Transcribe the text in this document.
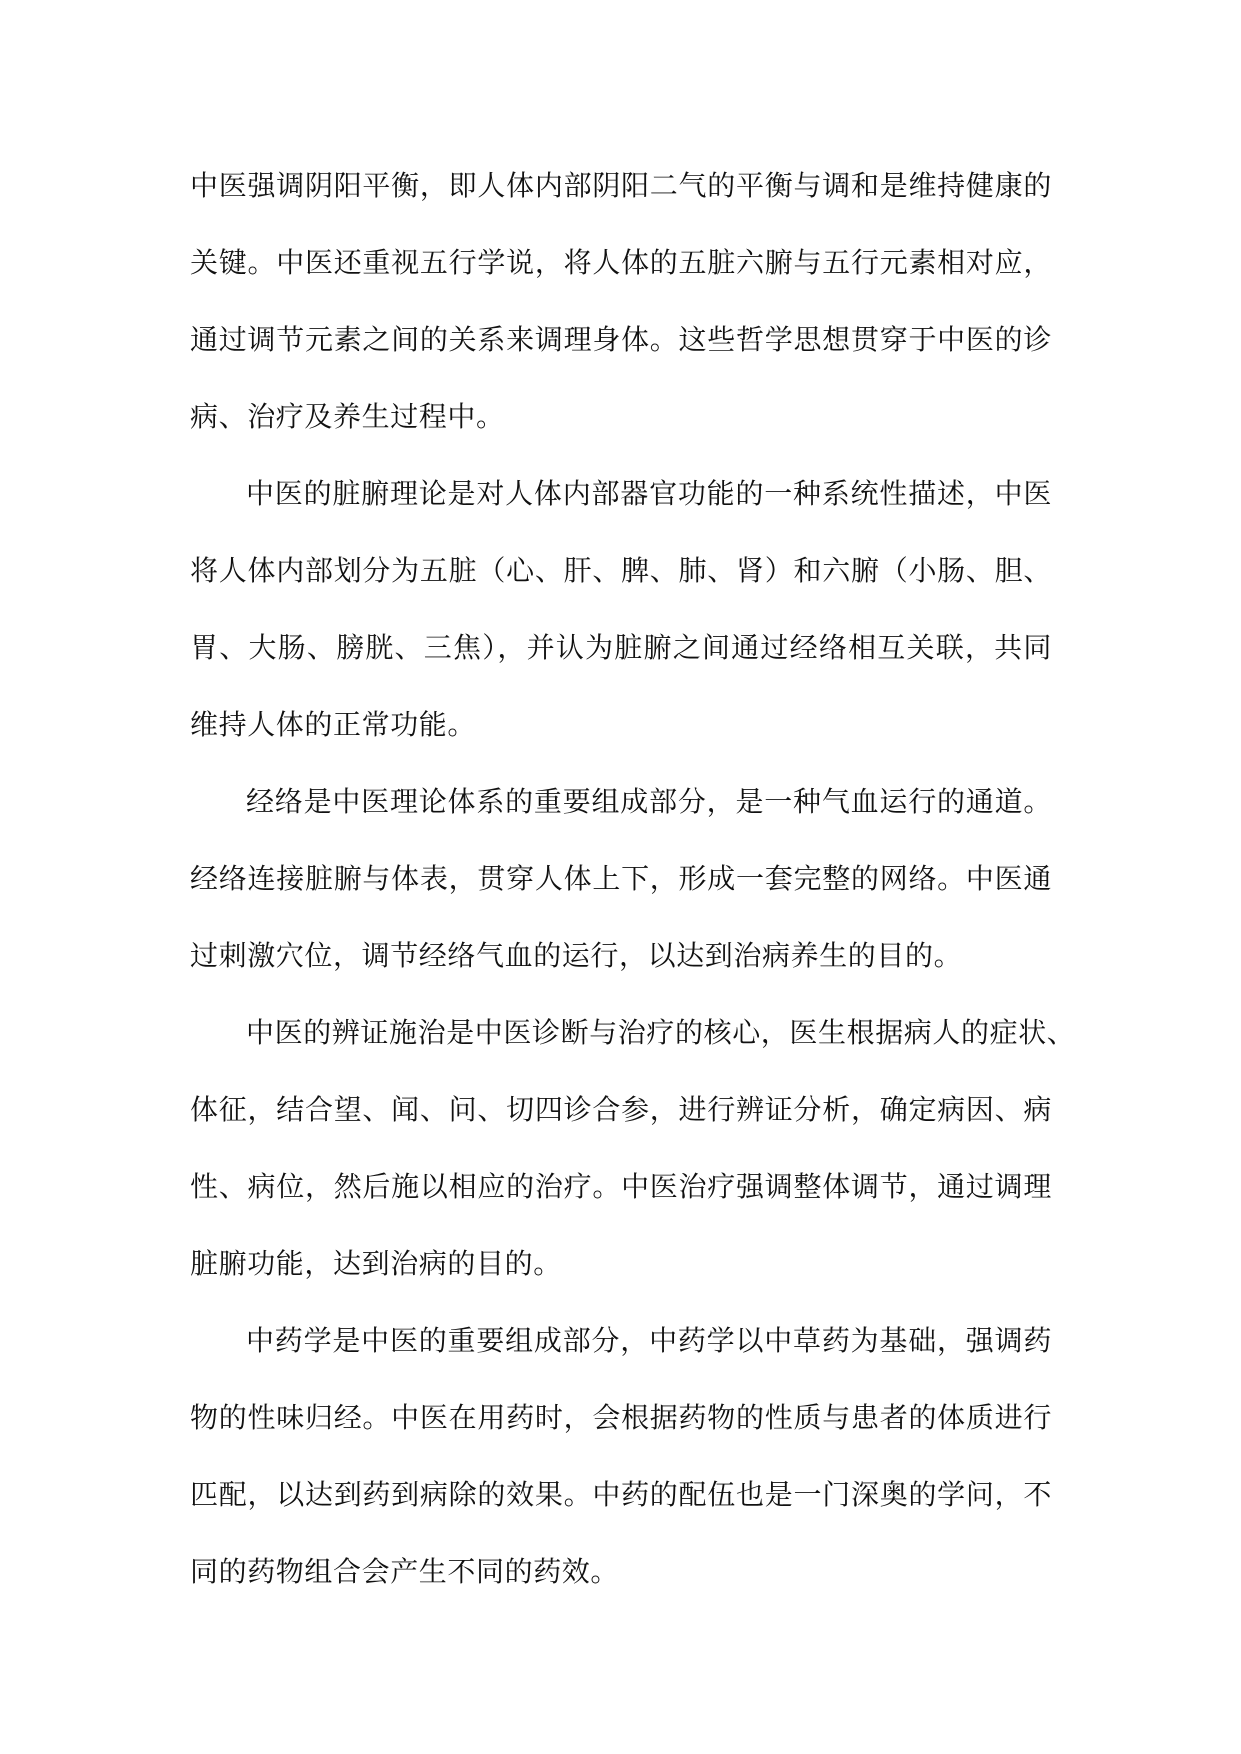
中医强调阴阳平衡，即人体内部阴阳二气的平衡与调和是维持健康的
关键。中医还重视五行学说，将人体的五脏六腑与五行元素相对应，
通过调节元素之间的关系来调理身体。这些哲学思想贯穿于中医的诊
病、治疗及养生过程中。

中医的脏腑理论是对人体内部器官功能的一种系统性描述，中医
将人体内部划分为五脏（心、肝、脾、肺、肾）和六腑（小肠、胆、
胃、大肠、膀胱、三焦），并认为脏腑之间通过经络相互关联，共同
维持人体的正常功能。

经络是中医理论体系的重要组成部分，是一种气血运行的通道。
经络连接脏腑与体表，贯穿人体上下，形成一套完整的网络。中医通
过刺激穴位，调节经络气血的运行，以达到治病养生的目的。

中医的辨证施治是中医诊断与治疗的核心，医生根据病人的症状、
体征，结合望、闻、问、切四诊合参，进行辨证分析，确定病因、病
性、病位，然后施以相应的治疗。中医治疗强调整体调节，通过调理
脏腑功能，达到治病的目的。

中药学是中医的重要组成部分，中药学以中草药为基础，强调药
物的性味归经。中医在用药时，会根据药物的性质与患者的体质进行
匹配，以达到药到病除的效果。中药的配伍也是一门深奥的学问，不
同的药物组合会产生不同的药效。
